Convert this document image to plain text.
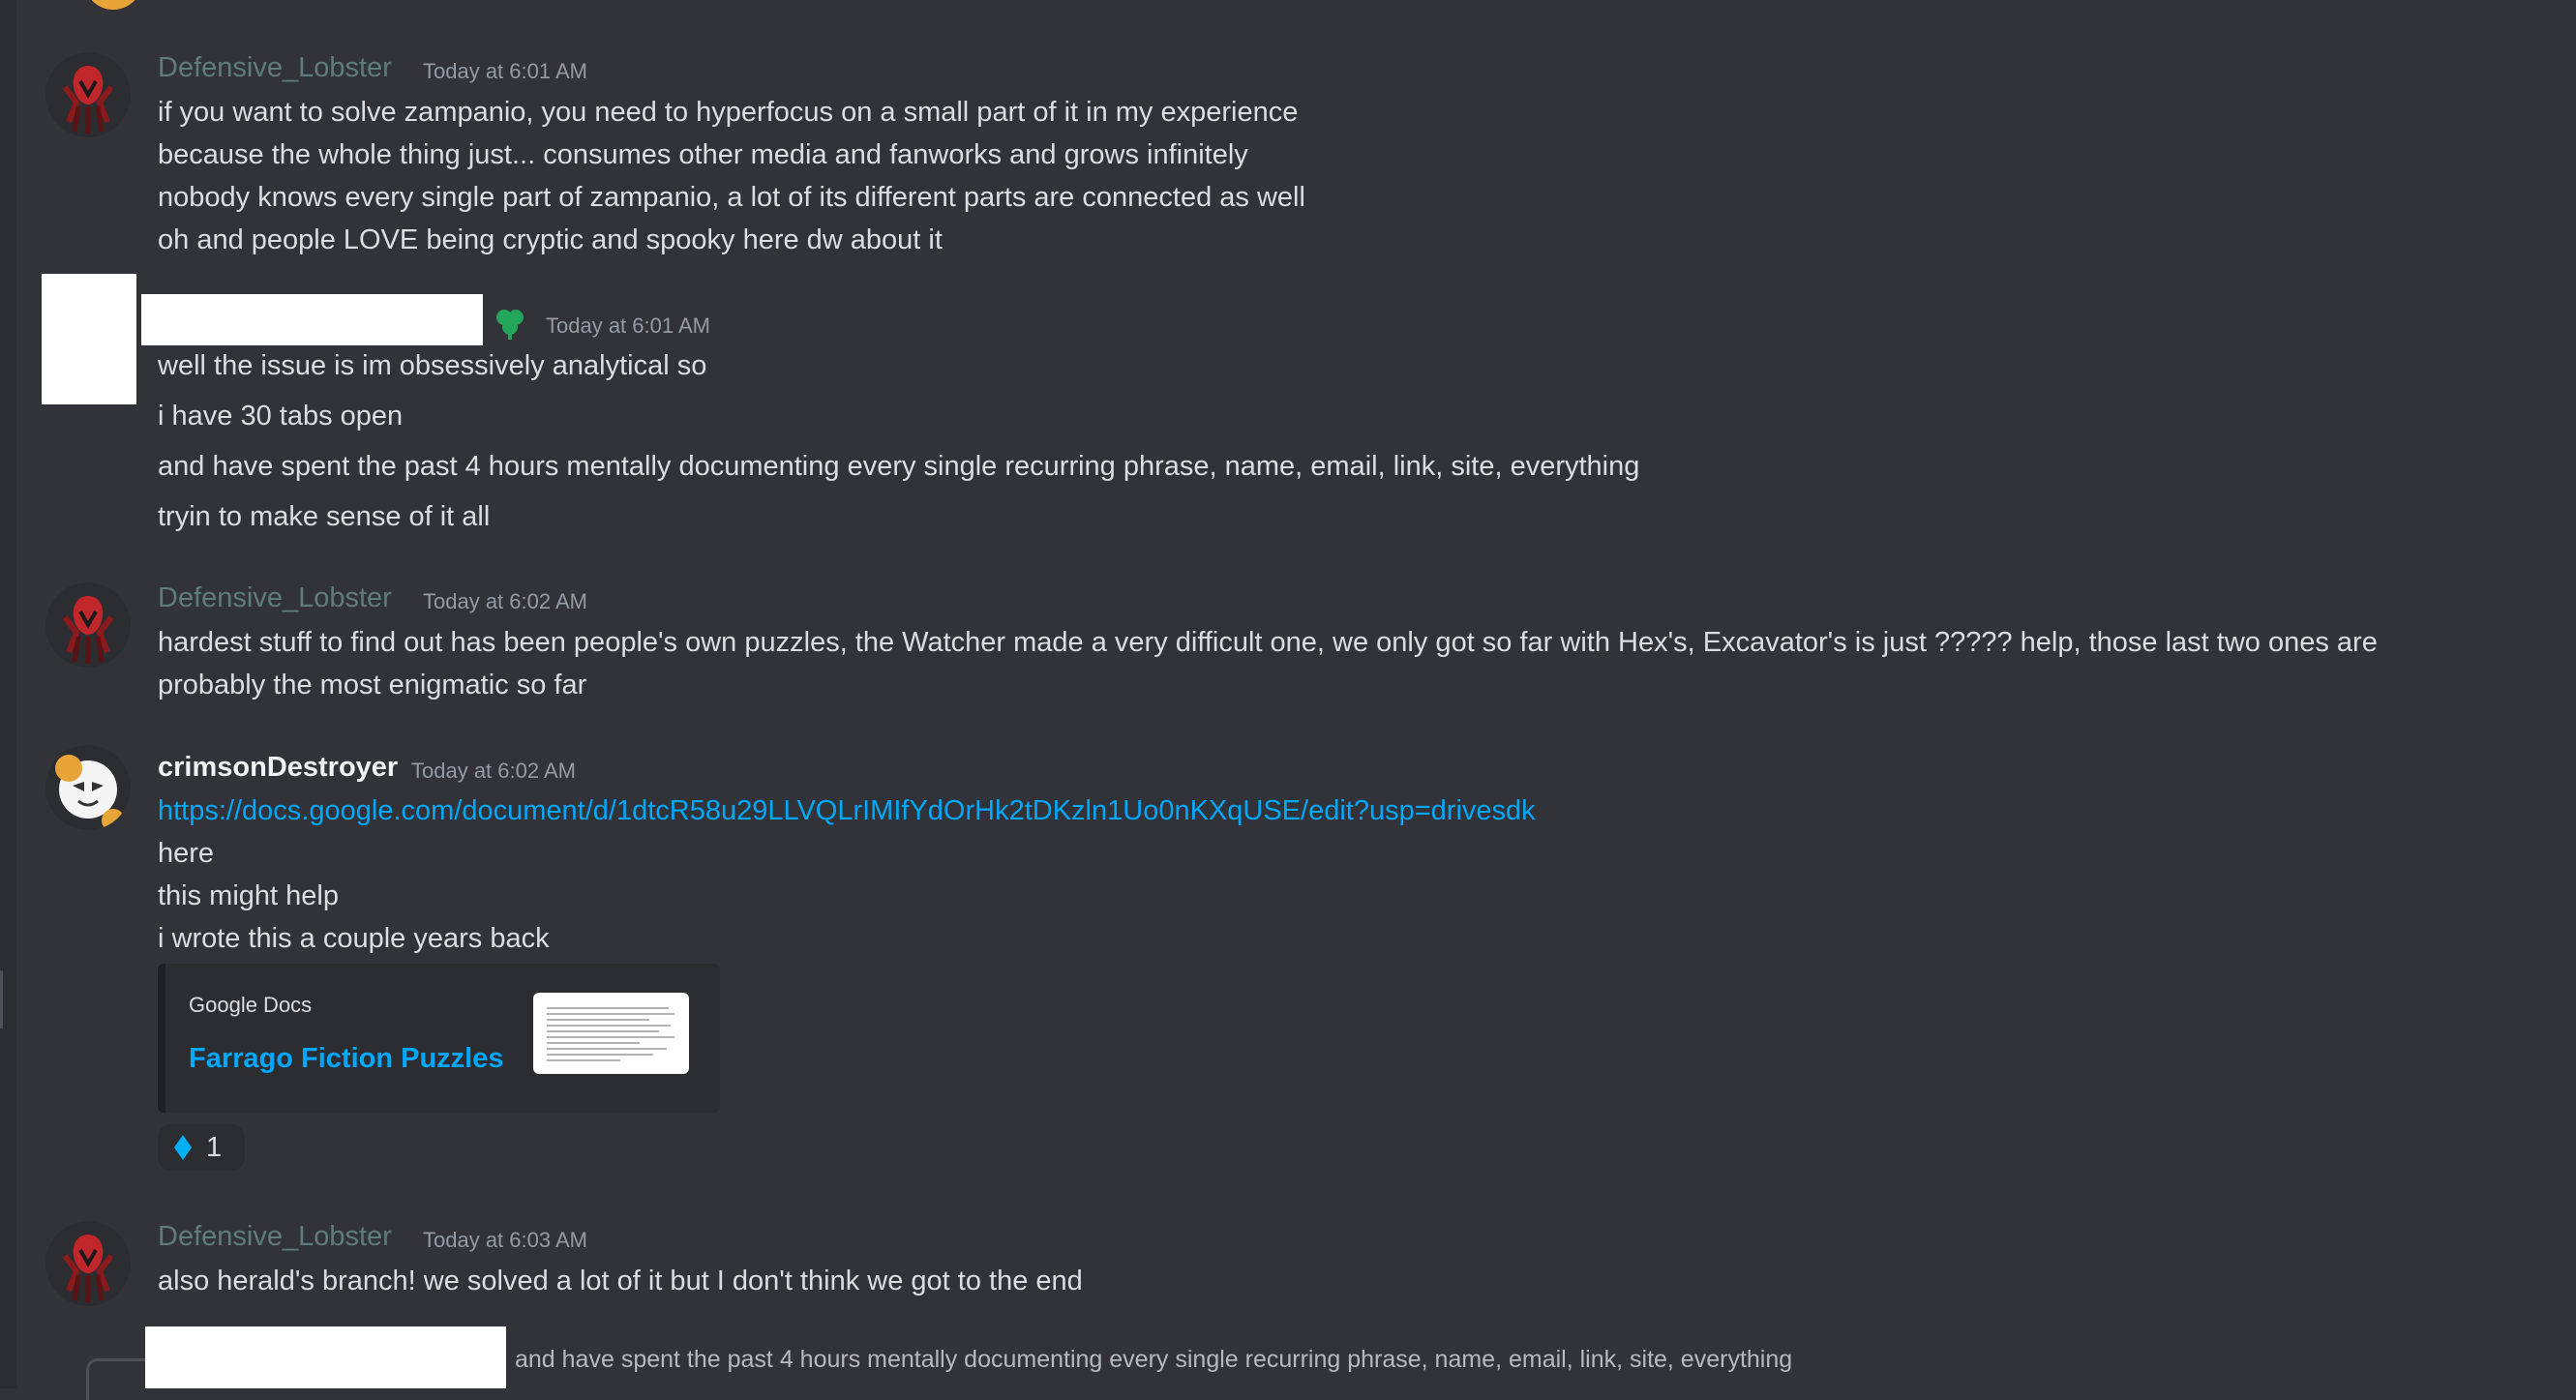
Defensive_Lobster Today at 6:01 AM
if you want to solve zampanio, you need to hyperfocus on a small part of it in my experience
because the whole thing just... consumes other media and fanworks and grows infinitely
nobody knows every single part of zampanio, a lot of its different parts are connected as well
oh and people LOVE being cryptic and spooky here dw about it
Today at 6:01 AM
well the issue is im obsessively analytical so
i have 30 tabs open
and have spent the past 4 hours mentally documenting every single recurring phrase, name, email, link, site, everything
tryin to make sense of it all
Defensive_Lobster Today at 6:02 AM
hardest stuff to find out has been people's own puzzles, the Watcher made a very difficult one, we only got so far with Hex's, Excavator's is just ????? help, those last two ones are
probably the most enigmatic so far
crimsonDestroyer Today at 6:02 AM
https://docs.google.com/document/d/1dtcR58u29LLVQLrIMIfYdOrHk2tDKzln1Uo0nKXqUSE/edit?usp=drivesdk
here
this might help
i wrote this a couple years back
Google Docs
Farrago Fiction Puzzles
1
Defensive_Lobster Today at 6:03 AM
also herald's branch! we solved a lot of it but I don't think we got to the end
and have spent the past 4 hours mentally documenting every single recurring phrase, name, email, link, site, everything
